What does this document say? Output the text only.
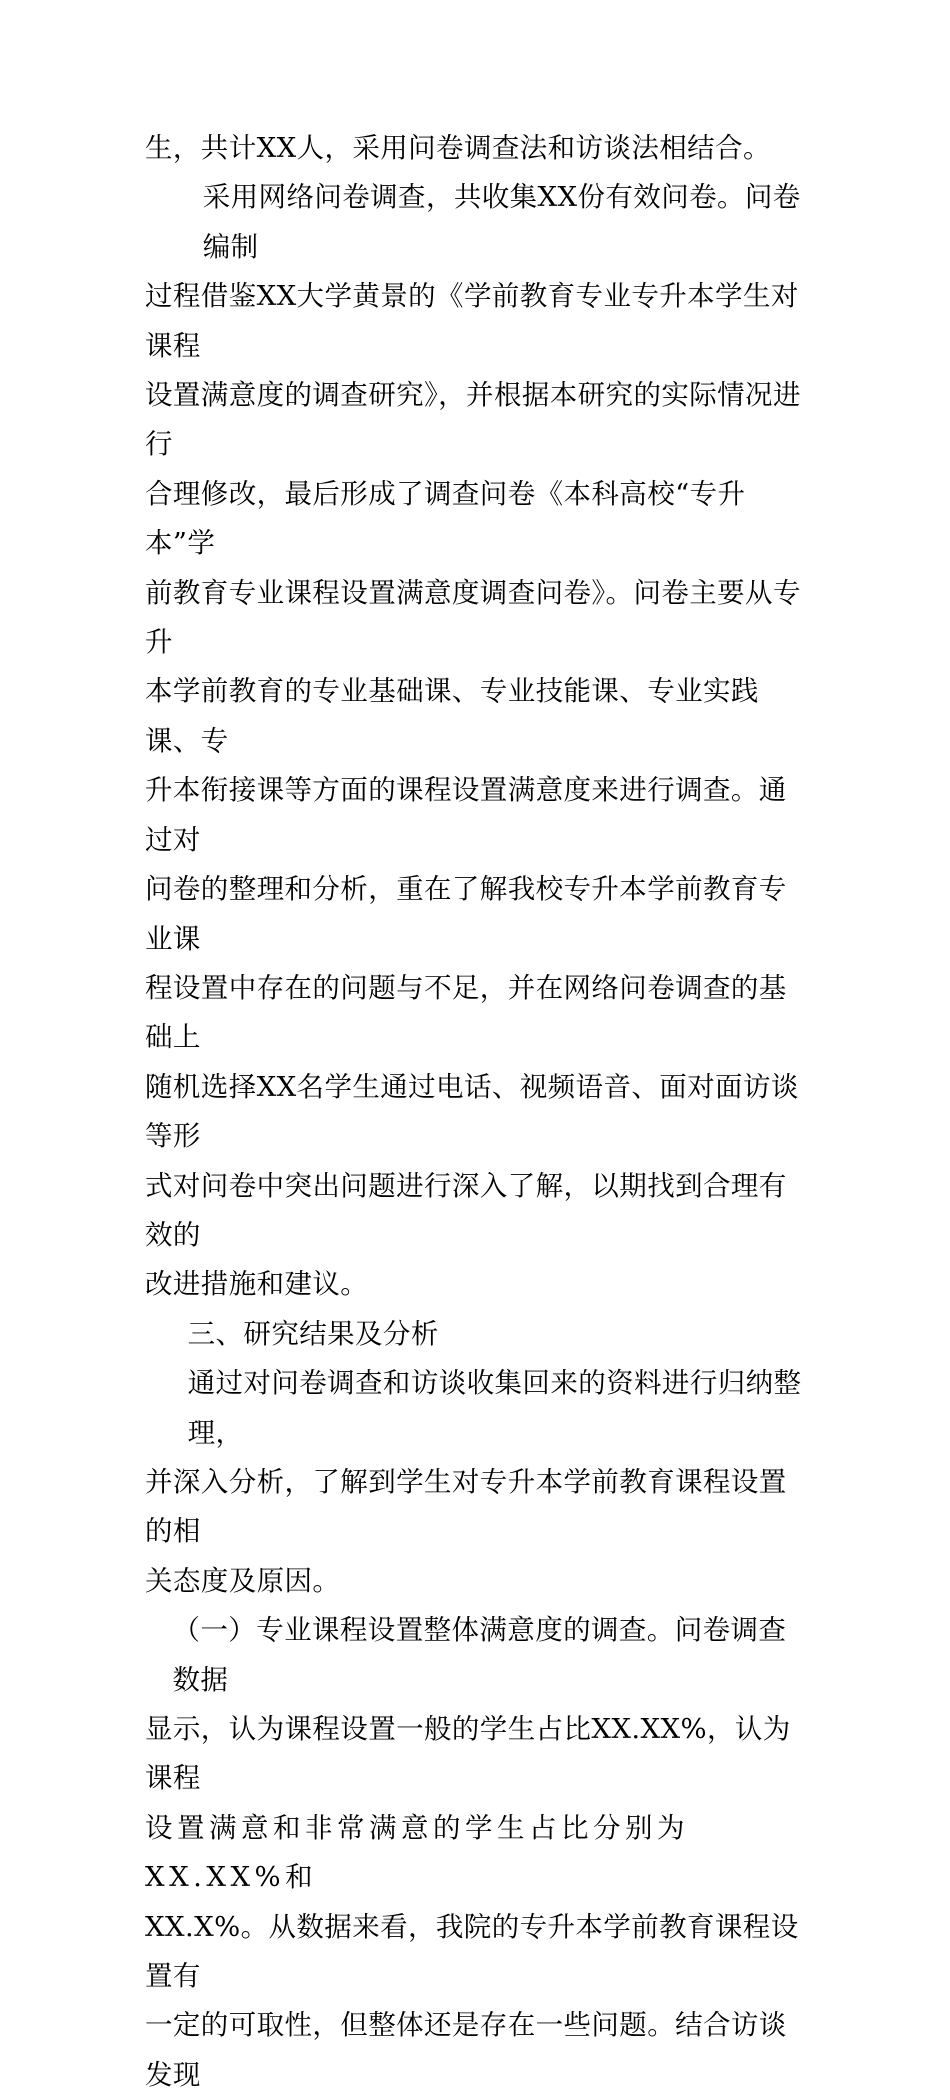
生，共计XX人，采用问卷调查法和访谈法相结合。
采用网络问卷调查，共收集XX份有效问卷。问卷编制
过程借鉴XX大学黄景的《学前教育专业专升本学生对课程
设置满意度的调查研究》，并根据本研究的实际情况进行
合理修改，最后形成了调查问卷《本科高校“专升本”学
前教育专业课程设置满意度调查问卷》。问卷主要从专升
本学前教育的专业基础课、专业技能课、专业实践课、专
升本衔接课等方面的课程设置满意度来进行调查。通过对
问卷的整理和分析，重在了解我校专升本学前教育专业课
程设置中存在的问题与不足，并在网络问卷调查的基础上
随机选择XX名学生通过电话、视频语音、面对面访谈等形
式对问卷中突出问题进行深入了解，以期找到合理有效的
改进措施和建议。
三、研究结果及分析
通过对问卷调查和访谈收集回来的资料进行归纳整理，
并深入分析，了解到学生对专升本学前教育课程设置的相
关态度及原因。
（一）专业课程设置整体满意度的调查。问卷调查数据
显示，认为课程设置一般的学生占比XX.XX%，认为课程
设置满意和非常满意的学生占比分别为XX.XX%和
XX.X%。从数据来看，我院的专升本学前教育课程设置有
一定的可取性，但整体还是存在一些问题。结合访谈发现
